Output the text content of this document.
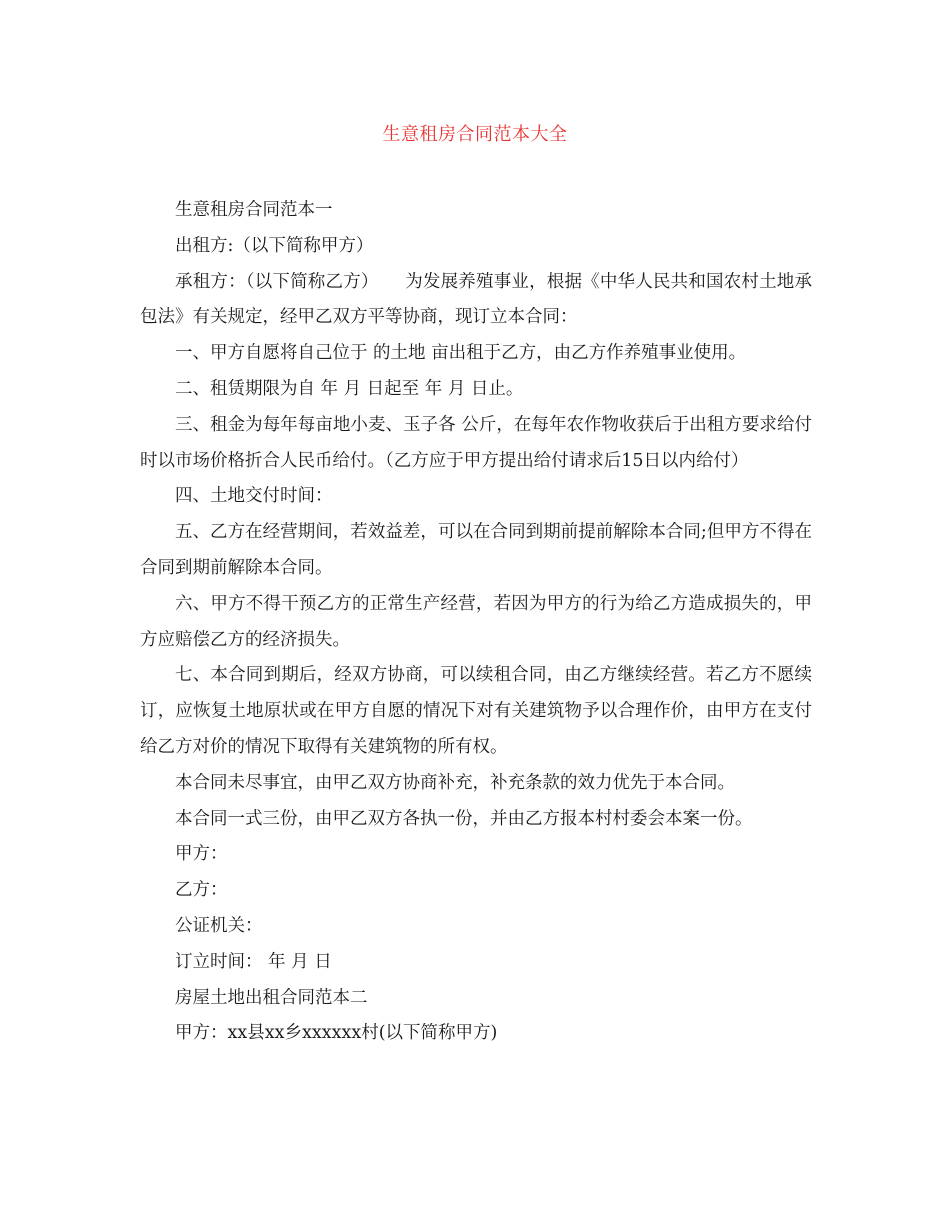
生意租房合同范本大全

生意租房合同范本一

出租方:（以下简称甲方）

承租方：（以下简称乙方）　　为发展养殖事业，根据《中华人民共和国农村土地承包法》有关规定，经甲乙双方平等协商，现订立本合同：

一、甲方自愿将自己位于 的土地 亩出租于乙方，由乙方作养殖事业使用。

二、租赁期限为自 年 月 日起至 年 月 日止。

三、租金为每年每亩地小麦、玉子各 公斤，在每年农作物收获后于出租方要求给付时以市场价格折合人民币给付。（乙方应于甲方提出给付请求后15日以内给付）

四、土地交付时间：

五、乙方在经营期间，若效益差，可以在合同到期前提前解除本合同;但甲方不得在合同到期前解除本合同。

六、甲方不得干预乙方的正常生产经营，若因为甲方的行为给乙方造成损失的，甲方应赔偿乙方的经济损失。

七、本合同到期后，经双方协商，可以续租合同，由乙方继续经营。若乙方不愿续订，应恢复土地原状或在甲方自愿的情况下对有关建筑物予以合理作价，由甲方在支付给乙方对价的情况下取得有关建筑物的所有权。

本合同未尽事宜，由甲乙双方协商补充，补充条款的效力优先于本合同。

本合同一式三份，由甲乙双方各执一份，并由乙方报本村村委会本案一份。

甲方：

乙方：

公证机关：

订立时间： 年 月 日

房屋土地出租合同范本二

甲方：xx县xx乡xxxxxx村(以下简称甲方)
